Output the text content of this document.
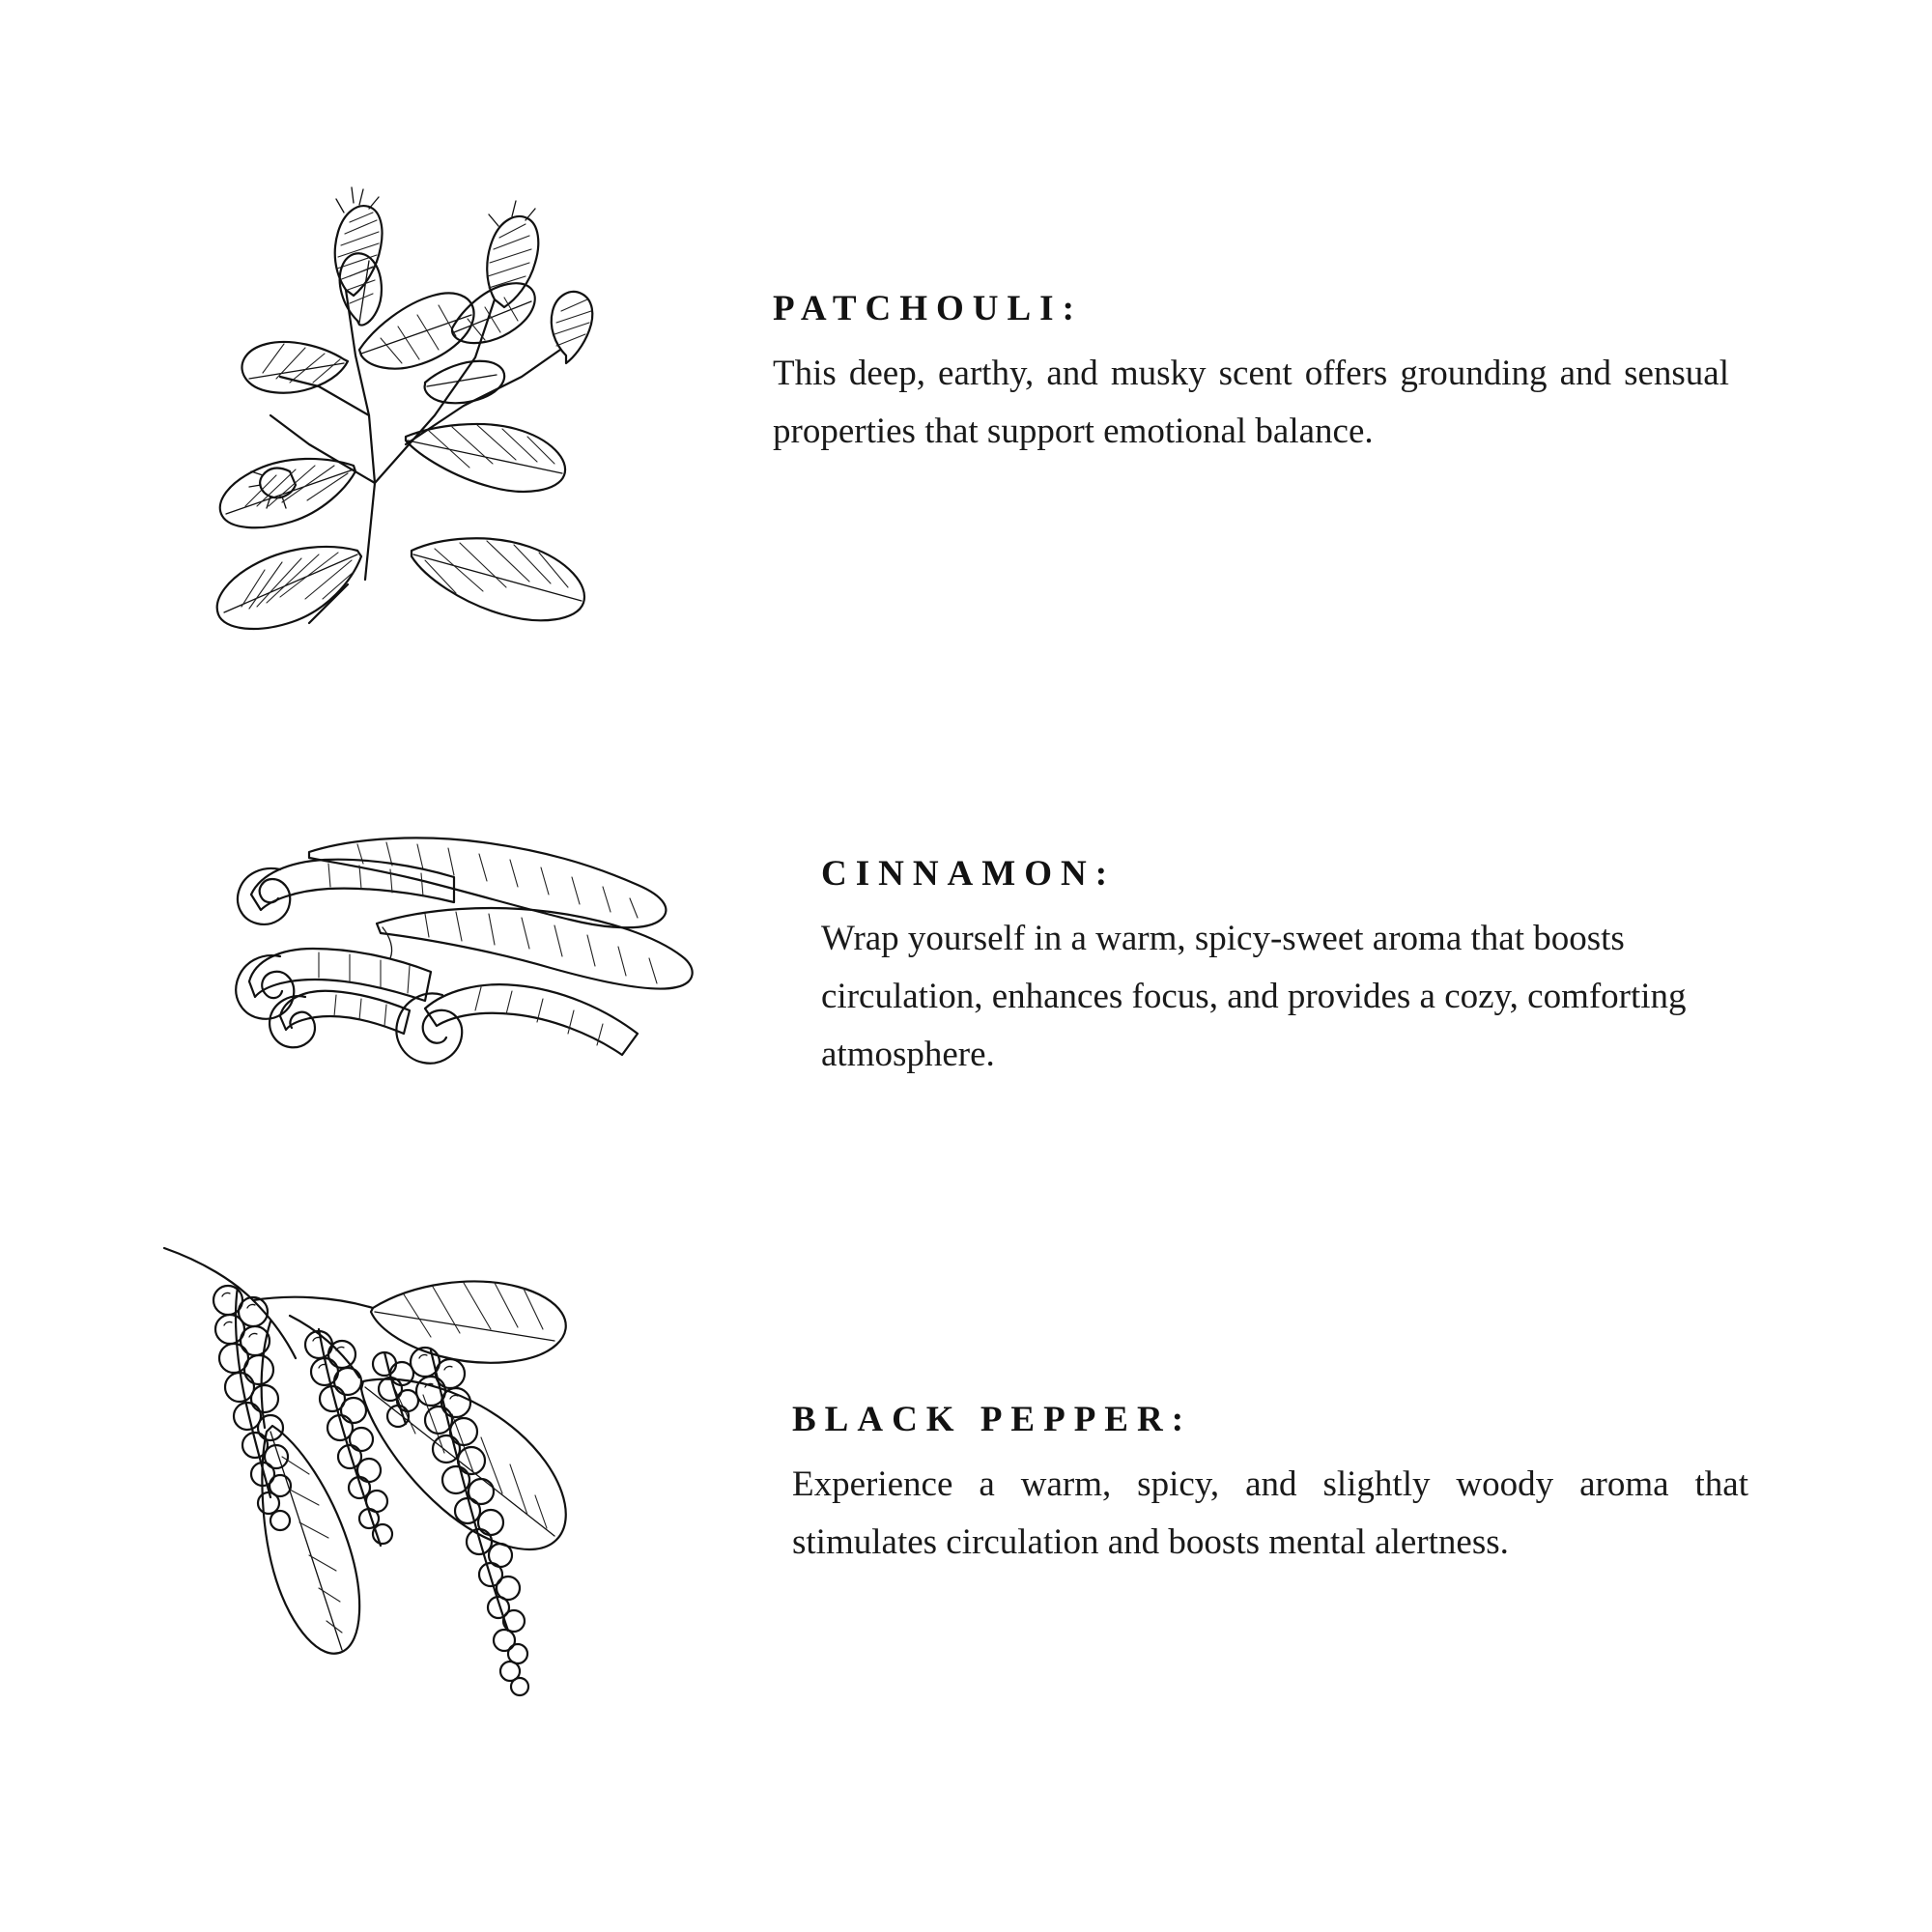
PATCHOULI:

This deep, earthy, and musky scent offers grounding and sensual properties that support emotional balance.

CINNAMON:

Wrap yourself in a warm, spicy-sweet aroma that boosts circulation, enhances focus, and provides a cozy, comforting atmosphere.

BLACK PEPPER:

Experience a warm, spicy, and slightly woody aroma that stimulates circulation and boosts mental alertness.
